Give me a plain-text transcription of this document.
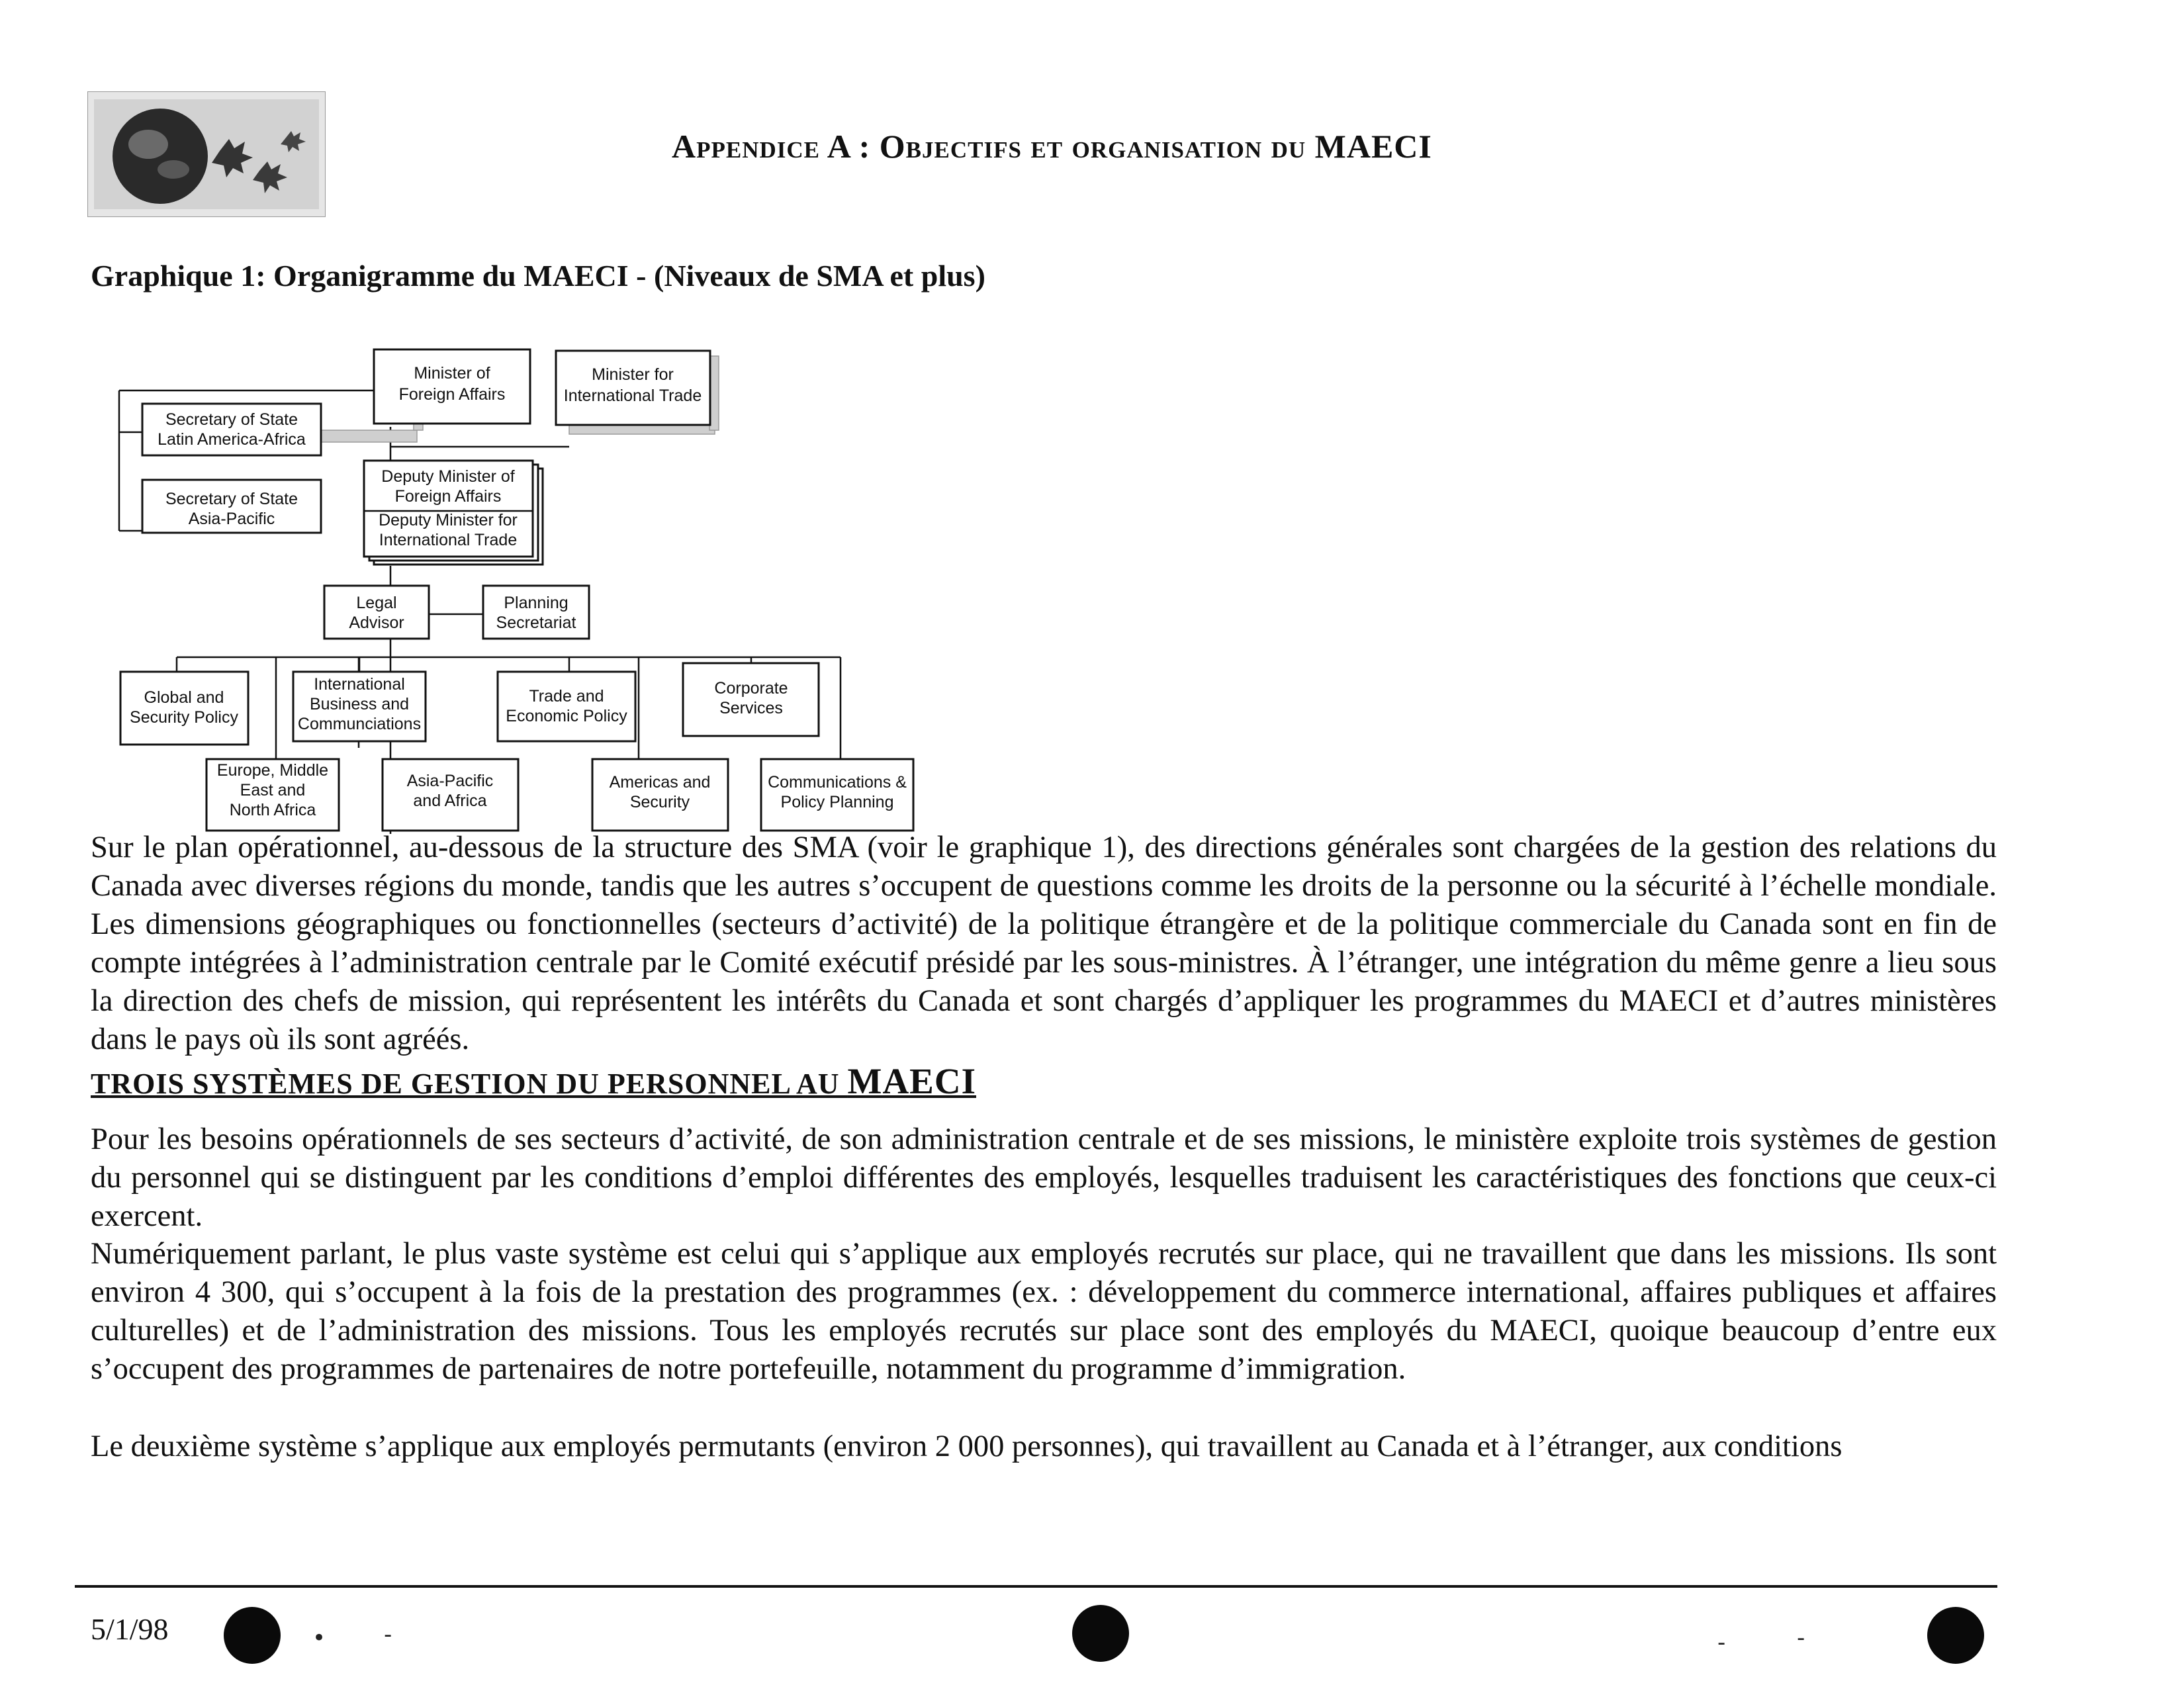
Appendice A : Objectifs et organisation du MAECI
Graphique 1: Organigramme du MAECI - (Niveaux de SMA et plus)
Minister of
Foreign Affairs
Minister for
International Trade
Secretary of State
Latin America-Africa
Secretary of State
Asia-Pacific
Deputy Minister of
Foreign Affairs
Deputy Minister for
International Trade
Legal
Advisor
Planning
Secretariat
Global and
Security Policy
International
Business and
Communciations
Trade and
Economic Policy
Corporate
Services
Europe, Middle
East and
North Africa
Asia-Pacific
and Africa
Americas and
Security
Communications &
Policy Planning

Sur le plan opérationnel, au-dessous de la structure des SMA (voir le graphique 1), des directions générales sont chargées de la gestion des relations du Canada avec diverses régions du monde, tandis que les autres s’occupent de questions comme les droits de la personne ou la sécurité à l’échelle mondiale. Les dimensions géographiques ou fonctionnelles (secteurs d’activité) de la politique étrangère et de la politique commerciale du Canada sont en fin de compte intégrées à l’administration centrale par le Comité exécutif présidé par les sous-ministres. À l’étranger, une intégration du même genre a lieu sous la direction des chefs de mission, qui représentent les intérêts du Canada et sont chargés d’appliquer les programmes du MAECI et d’autres ministères dans le pays où ils sont agréés.

TROIS SYSTÈMES DE GESTION DU PERSONNEL AU MAECI

Pour les besoins opérationnels de ses secteurs d’activité, de son administration centrale et de ses missions, le ministère exploite trois systèmes de gestion du personnel qui se distinguent par les conditions d’emploi différentes des employés, lesquelles traduisent les caractéristiques des fonctions que ceux-ci exercent.

Numériquement parlant, le plus vaste système est celui qui s’applique aux employés recrutés sur place, qui ne travaillent que dans les missions. Ils sont environ 4 300, qui s’occupent à la fois de la prestation des programmes (ex. : développement du commerce international, affaires publiques et affaires culturelles) et de l’administration des missions. Tous les employés recrutés sur place sont des employés du MAECI, quoique beaucoup d’entre eux s’occupent des programmes de partenaires de notre portefeuille, notamment du programme d’immigration.

Le deuxième système s’applique aux employés permutants (environ 2 000 personnes), qui travaillent au Canada et à l’étranger, aux conditions

5/1/98	•	-	-	-
